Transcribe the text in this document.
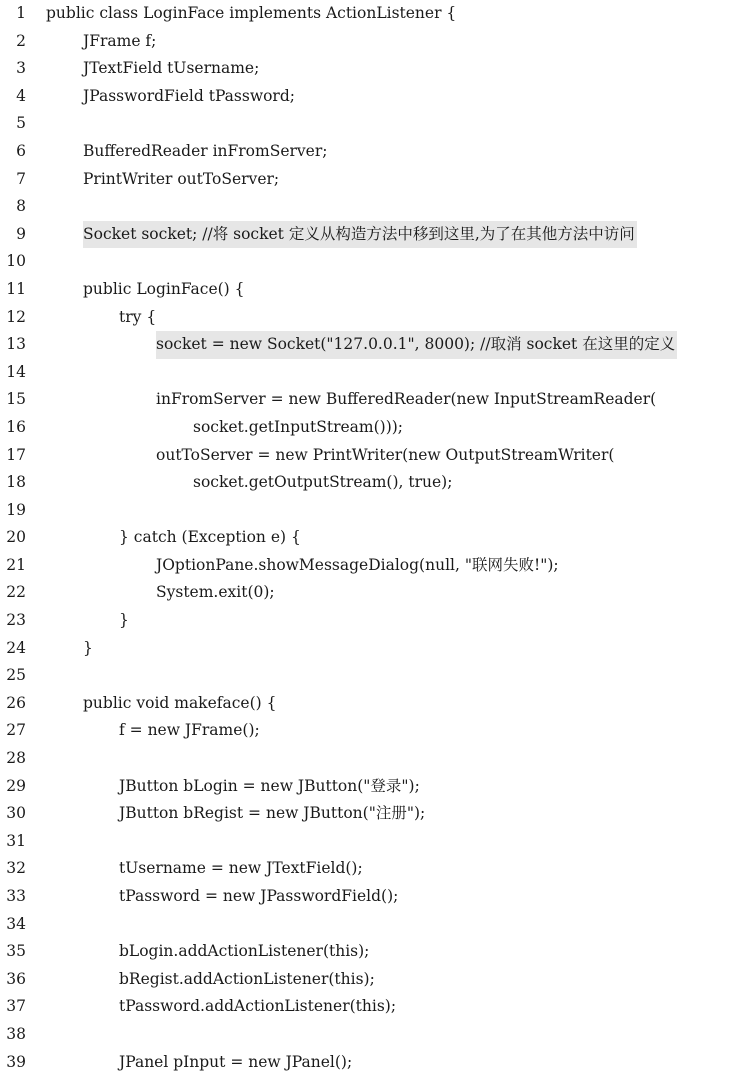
1 public class LoginFace implements ActionListener {
2	JFrame f;
3	JTextField tUsername;
4	JPasswordField tPassword;
5
6	BufferedReader inFromServer;
7	PrintWriter outToServer;
8
9	Socket socket; //将 socket 定义从构造方法中移到这里,为了在其他方法中访问
10
11	public LoginFace() {
12	try {
13	socket = new Socket("127.0.0.1", 8000); //取消 socket 在这里的定义
14
15	inFromServer = new BufferedReader(new InputStreamReader(
16	socket.getInputStream()));
17	outToServer = new PrintWriter(new OutputStreamWriter(
18	socket.getOutputStream(), true);
19
20	} catch (Exception e) {
21	JOptionPane.showMessageDialog(null, "联网失败!");
22	System.exit(0);
23	}
24	}
25
26	public void makeface() {
27	f = new JFrame();
28
29	JButton bLogin = new JButton("登录");
30	JButton bRegist = new JButton("注册");
31
32	tUsername = new JTextField();
33	tPassword = new JPasswordField();
34
35	bLogin.addActionListener(this);
36	bRegist.addActionListener(this);
37	tPassword.addActionListener(this);
38
39	JPanel pInput = new JPanel();
